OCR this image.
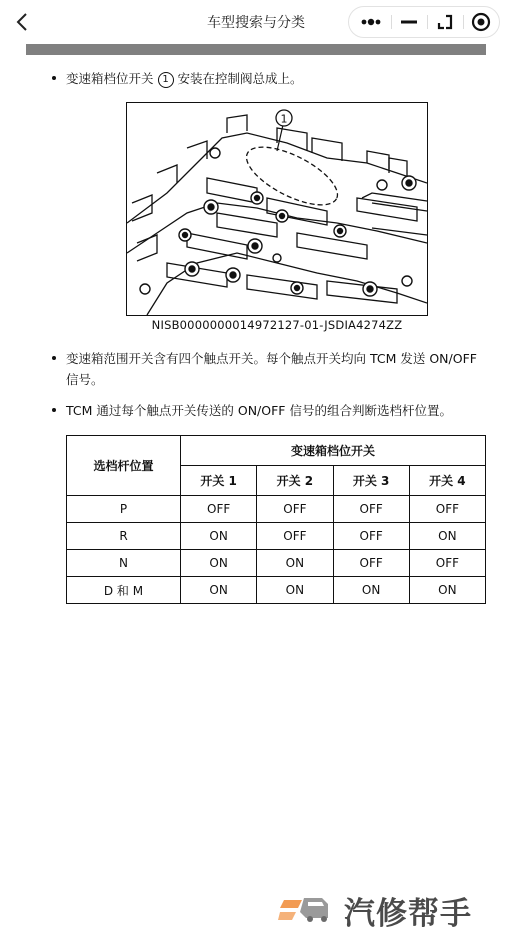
车型搜索与分类
变速箱档位开关 1 安装在控制阀总成上。
1
NISB0000000014972127-01-JSDIA4274ZZ
变速箱范围开关含有四个触点开关。每个触点开关均向 TCM 发送 ON/OFF 信号。
TCM 通过每个触点开关传送的 ON/OFF 信号的组合判断选档杆位置。
选档杆位置	变速箱档位开关			
	开关 1	开关 2	开关 3	开关 4
P	OFF	OFF	OFF	OFF
R	ON	OFF	OFF	ON
N	ON	ON	OFF	OFF
D 和 M	ON	ON	ON	ON
汽修帮手
